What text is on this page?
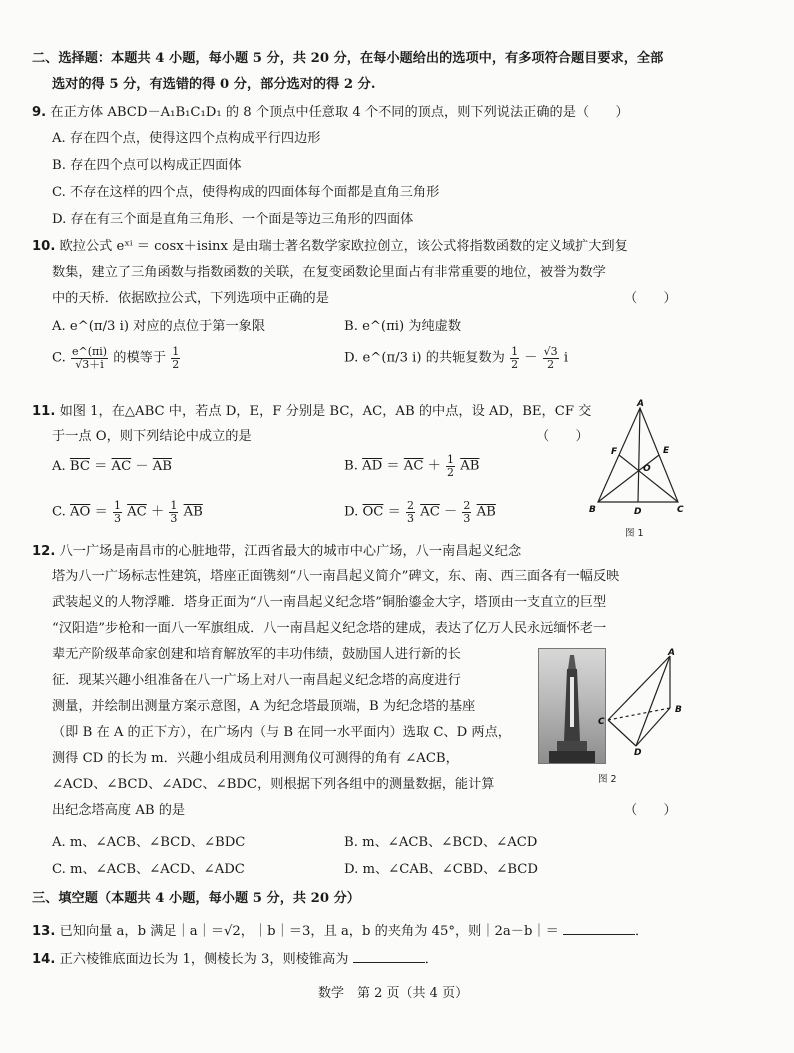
二、选择题：本题共 4 小题，每小题 5 分，共 20 分，在每小题给出的选项中，有多项符合题目要求，全部
选对的得 5 分，有选错的得 0 分，部分选对的得 2 分.
9. 在正方体 ABCD－A₁B₁C₁D₁ 的 8 个顶点中任意取 4 个不同的顶点，则下列说法正确的是（　　）
A. 存在四个点，使得这四个点构成平行四边形
B. 存在四个点可以构成正四面体
C. 不存在这样的四个点，使得构成的四面体每个面都是直角三角形
D. 存在有三个面是直角三角形、一个面是等边三角形的四面体
10. 欧拉公式 eˣⁱ ＝ cosx＋isinx 是由瑞士著名数学家欧拉创立，该公式将指数函数的定义域扩大到复
数集，建立了三角函数与指数函数的关联，在复变函数论里面占有非常重要的地位，被誉为数学
中的天桥．依据欧拉公式，下列选项中正确的是	（　　）
A. e^(π/3 i) 对应的点位于第一象限	B. e^(πi) 为纯虚数
C. $\frac{e\^{}(\pi i)}{√3+i}$ 的模等于 $\frac{1}{2}$	D. e^(π/3 i) 的共轭复数为 $\frac{1}{2} - \frac{√3}{2}$ i
11. 如图 1，在△ABC 中，若点 D，E，F 分别是 BC，AC，AB 的中点，设 AD，BE，CF 交
于一点 O，则下列结论中成立的是	（　　）
A. $\overline{BC} = \overline{AC} - \overline{AB}$	B. $\overline{AD} = \overline{AC} + \frac{1}{2} \overline{AB}$
C. $\overline{AO} = \frac{1}{3} \overline{AC} + \frac{1}{3} \overline{AB}$	D. $\overline{OC} = \frac{2}{3} \overline{AC} - \frac{2}{3} \overline{AB}$
A
B	C
D
E
F
O
图 1
12. 八一广场是南昌市的心脏地带，江西省最大的城市中心广场，八一南昌起义纪念
塔为八一广场标志性建筑，塔座正面镌刻“八一南昌起义简介”碑文，东、南、西三面各有一幅反映
武装起义的人物浮雕．塔身正面为“八一南昌起义纪念塔”铜胎鎏金大字，塔顶由一支直立的巨型
“汉阳造”步枪和一面八一军旗组成．八一南昌起义纪念塔的建成，表达了亿万人民永远缅怀老一
辈无产阶级革命家创建和培育解放军的丰功伟绩，鼓励国人进行新的长
征．现某兴趣小组准备在八一广场上对八一南昌起义纪念塔的高度进行
测量，并绘制出测量方案示意图，A 为纪念塔最顶端，B 为纪念塔的基座
（即 B 在 A 的正下方），在广场内（与 B 在同一水平面内）选取 C、D 两点，
测得 CD 的长为 m．兴趣小组成员利用测角仪可测得的角有 ∠ACB，
∠ACD、∠BCD、∠ADC、∠BDC，则根据下列各组中的测量数据，能计算
出纪念塔高度 AB 的是	（　　）
A
B
C
D
图 2
A. m、∠ACB、∠BCD、∠BDC	B. m、∠ACB、∠BCD、∠ACD
C. m、∠ACB、∠ACD、∠ADC	D. m、∠CAB、∠CBD、∠BCD
三、填空题（本题共 4 小题，每小题 5 分，共 20 分）
13. 已知向量 a，b 满足｜a｜＝√2，｜b｜＝3，且 a，b 的夹角为 45°，则｜2a－b｜＝	．
14. 正六棱锥底面边长为 1，侧棱长为 3，则棱锥高为	．
数学　第 2 页（共 4 页）
